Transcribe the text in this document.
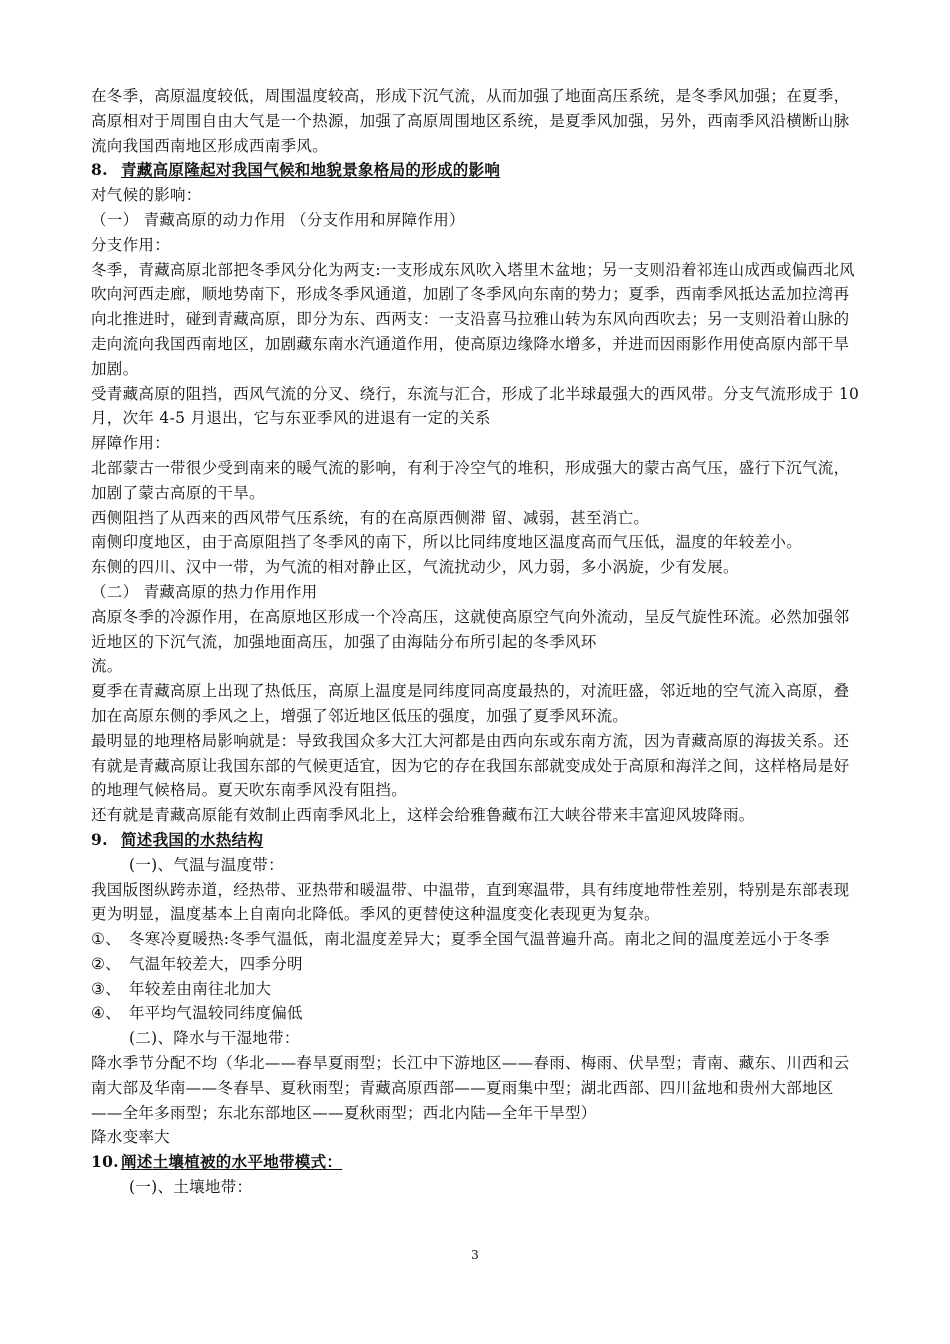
在冬季，高原温度较低，周围温度较高，形成下沉气流，从而加强了地面高压系统，是冬季风加强；在夏季，高原相对于周围自由大气是一个热源，加强了高原周围地区系统，是夏季风加强，另外，西南季风沿横断山脉流向我国西南地区形成西南季风。

8. 青藏高原隆起对我国气候和地貌景象格局的形成的影响

对气候的影响：

（一） 青藏高原的动力作用 （分支作用和屏障作用）

分支作用：

冬季，青藏高原北部把冬季风分化为两支:一支形成东风吹入塔里木盆地；另一支则沿着祁连山成西或偏西北风吹向河西走廊，顺地势南下，形成冬季风通道，加剧了冬季风向东南的势力；夏季，西南季风抵达孟加拉湾再向北推进时，碰到青藏高原，即分为东、西两支：一支沿喜马拉雅山转为东风向西吹去；另一支则沿着山脉的走向流向我国西南地区，加剧藏东南水汽通道作用，使高原边缘降水增多，并进而因雨影作用使高原内部干旱加剧。

受青藏高原的阻挡，西风气流的分叉、绕行，东流与汇合，形成了北半球最强大的西风带。分支气流形成于 10 月，次年 4-5 月退出，它与东亚季风的进退有一定的关系

屏障作用：

北部蒙古一带很少受到南来的暖气流的影响，有利于冷空气的堆积，形成强大的蒙古高气压，盛行下沉气流，加剧了蒙古高原的干旱。

西侧阻挡了从西来的西风带气压系统，有的在高原西侧滞 留、减弱，甚至消亡。

南侧印度地区，由于高原阻挡了冬季风的南下，所以比同纬度地区温度高而气压低，温度的年较差小。

东侧的四川、汉中一带，为气流的相对静止区，气流扰动少，风力弱，多小涡旋，少有发展。

（二） 青藏高原的热力作用作用

高原冬季的冷源作用，在高原地区形成一个冷高压，这就使高原空气向外流动，呈反气旋性环流。必然加强邻近地区的下沉气流，加强地面高压，加强了由海陆分布所引起的冬季风环

流。

夏季在青藏高原上出现了热低压，高原上温度是同纬度同高度最热的，对流旺盛，邻近地的空气流入高原，叠加在高原东侧的季风之上，增强了邻近地区低压的强度，加强了夏季风环流。

最明显的地理格局影响就是：导致我国众多大江大河都是由西向东或东南方流，因为青藏高原的海拔关系。还有就是青藏高原让我国东部的气候更适宜，因为它的存在我国东部就变成处于高原和海洋之间，这样格局是好的地理气候格局。夏天吹东南季风没有阻挡。

还有就是青藏高原能有效制止西南季风北上，这样会给雅鲁藏布江大峡谷带来丰富迎风坡降雨。

9. 简述我国的水热结构

(一)、气温与温度带：

我国版图纵跨赤道，经热带、亚热带和暖温带、中温带，直到寒温带，具有纬度地带性差别，特别是东部表现更为明显，温度基本上自南向北降低。季风的更替使这种温度变化表现更为复杂。

①、 冬寒冷夏暖热:冬季气温低，南北温度差异大；夏季全国气温普遍升高。南北之间的温度差远小于冬季

②、 气温年较差大，四季分明

③、 年较差由南往北加大

④、 年平均气温较同纬度偏低

(二)、降水与干湿地带：

降水季节分配不均（华北——春旱夏雨型；长江中下游地区——春雨、梅雨、伏旱型；青南、藏东、川西和云南大部及华南——冬春旱、夏秋雨型；青藏高原西部——夏雨集中型；湖北西部、四川盆地和贵州大部地区——全年多雨型；东北东部地区——夏秋雨型；西北内陆—全年干旱型）

降水变率大

10. 阐述土壤植被的水平地带模式：

(一)、土壤地带：

3
